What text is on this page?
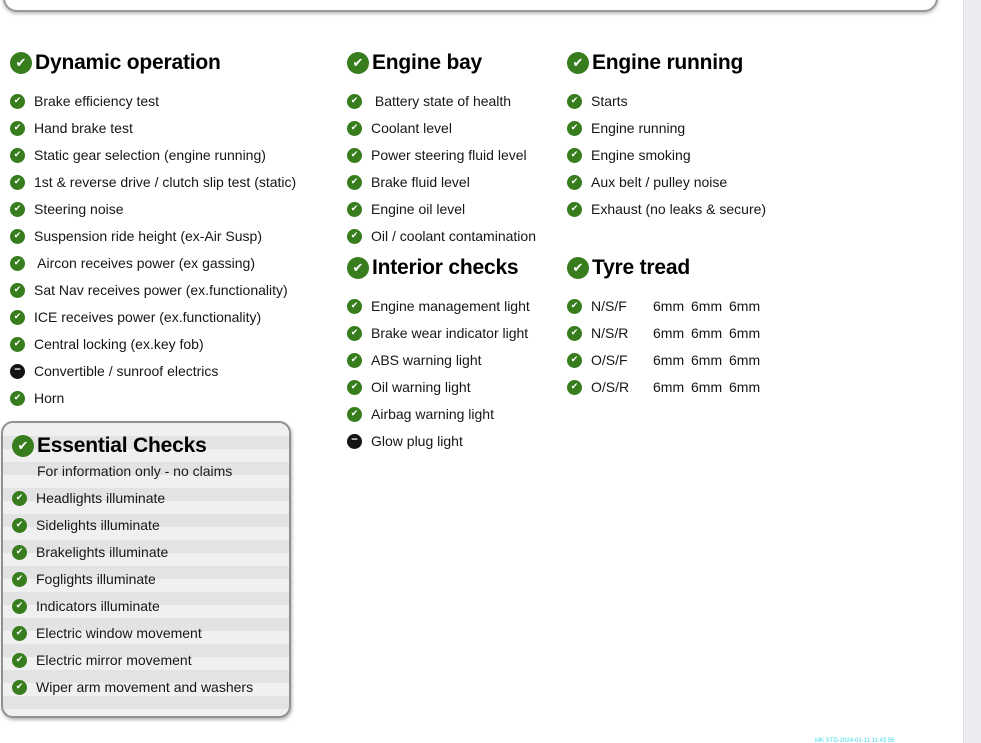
✔
Dynamic operation
✔
Brake efficiency test
✔
Hand brake test
✔
Static gear selection (engine running)
✔
1st & reverse drive / clutch slip test (static)
✔
Steering noise
✔
Suspension ride height (ex-Air Susp)
✔
Aircon receives power (ex gassing)
✔
Sat Nav receives power (ex.functionality)
✔
ICE receives power (ex.functionality)
✔
Central locking (ex.key fob)
─
Convertible / sunroof electrics
✔
Horn
✔
Engine bay
✔
Battery state of health
✔
Coolant level
✔
Power steering fluid level
✔
Brake fluid level
✔
Engine oil level
✔
Oil / coolant contamination
✔
Interior checks
✔
Engine management light
✔
Brake wear indicator light
✔
ABS warning light
✔
Oil warning light
✔
Airbag warning light
─
Glow plug light
✔
Engine running
✔
Starts
✔
Engine running
✔
Engine smoking
✔
Aux belt / pulley noise
✔
Exhaust (no leaks & secure)
✔
Tyre tread
✔
N/S/F	6mm 6mm 6mm
✔
N/S/R	6mm 6mm 6mm
✔
O/S/F	6mm 6mm 6mm
✔
O/S/R	6mm 6mm 6mm
✔
Essential Checks
For information only - no claims
✔
Headlights illuminate
✔
Sidelights illuminate
✔
Brakelights illuminate
✔
Foglights illuminate
✔
Indicators illuminate
✔
Electric window movement
✔
Electric mirror movement
✔
Wiper arm movement and washers
MK STD-2024-01-11 11:43:56
